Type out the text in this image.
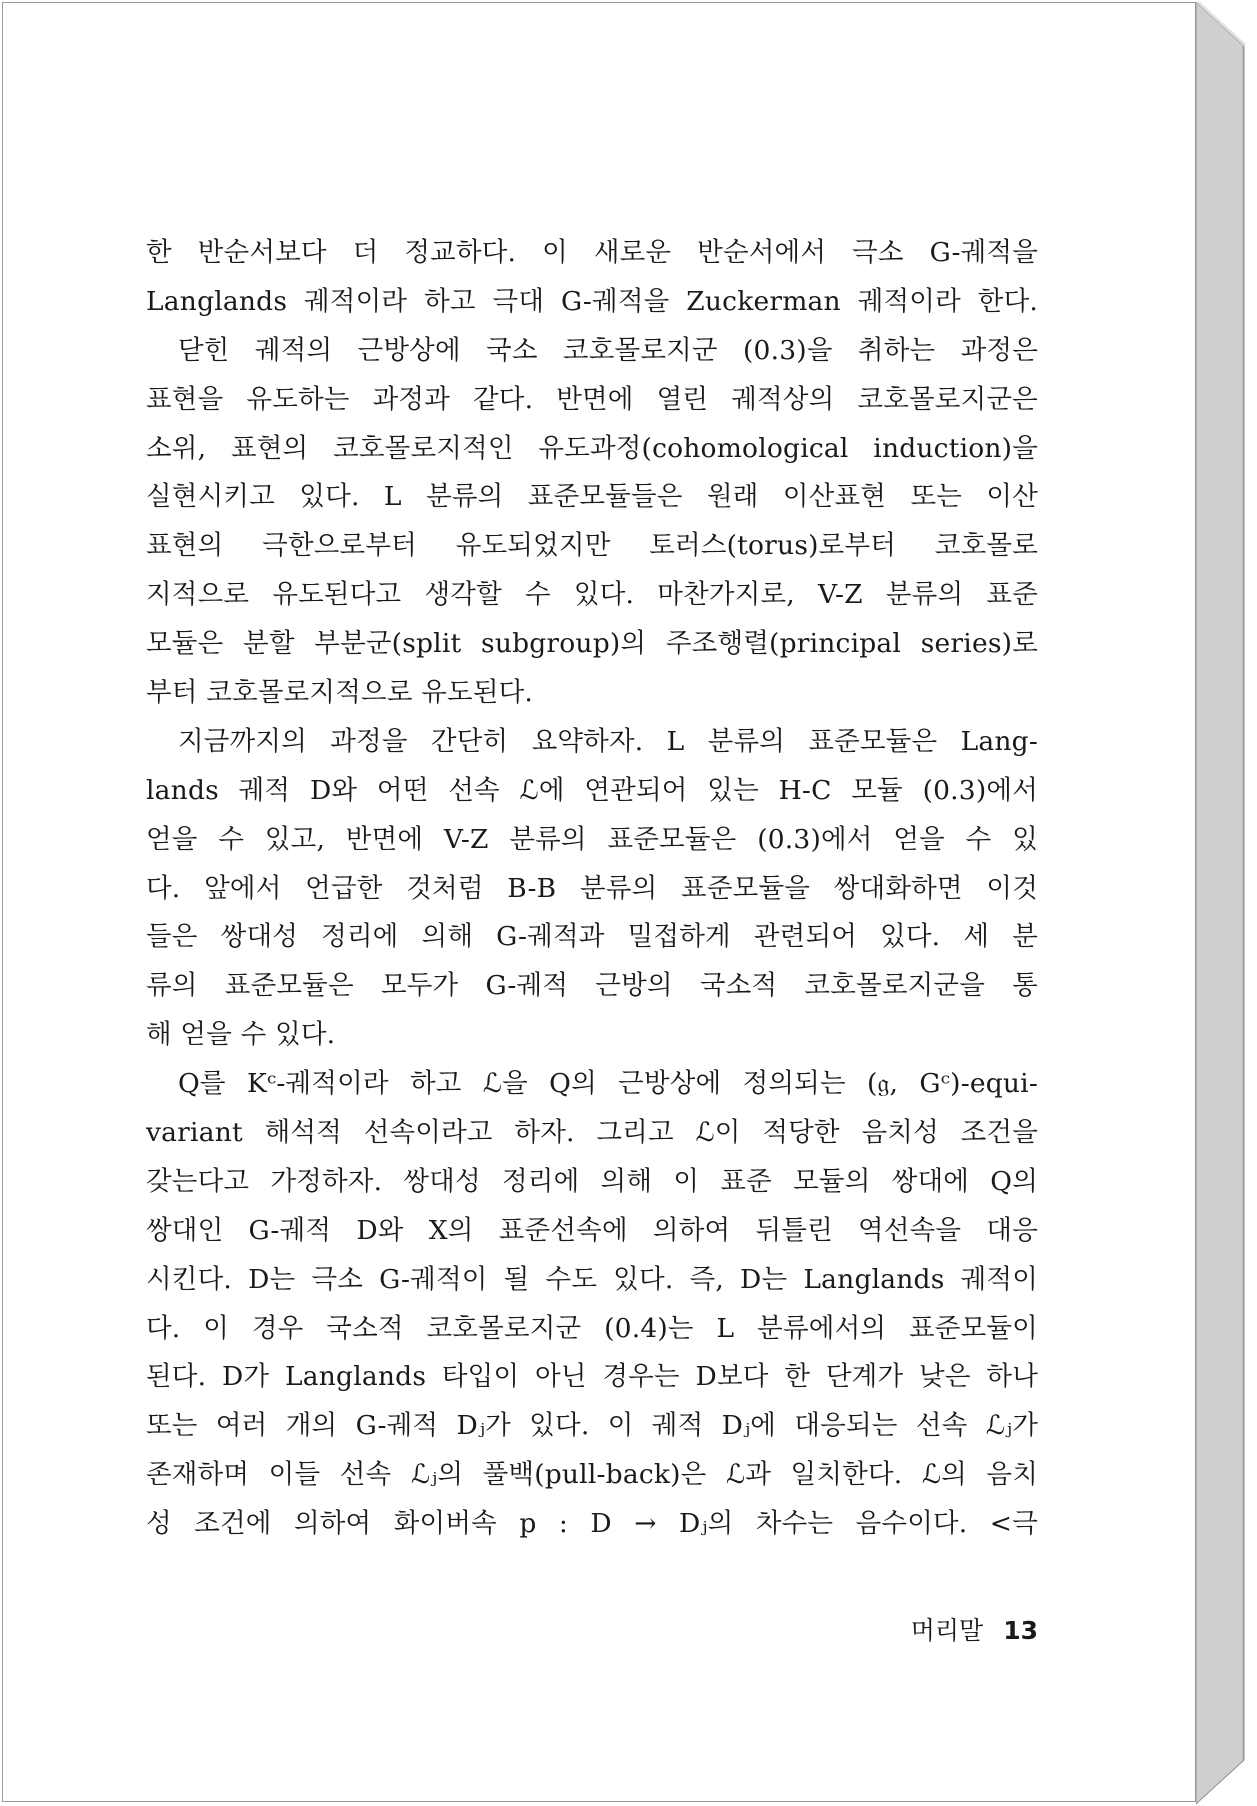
한 반순서보다 더 정교하다. 이 새로운 반순서에서 극소 G-궤적을
Langlands 궤적이라 하고 극대 G-궤적을 Zuckerman 궤적이라 한다.
닫힌 궤적의 근방상에 국소 코호몰로지군 (0.3)을 취하는 과정은
표현을 유도하는 과정과 같다. 반면에 열린 궤적상의 코호몰로지군은
소위, 표현의 코호몰로지적인 유도과정(cohomological induction)을
실현시키고 있다. L 분류의 표준모듈들은 원래 이산표현 또는 이산
표현의 극한으로부터 유도되었지만 토러스(torus)로부터 코호몰로
지적으로 유도된다고 생각할 수 있다. 마찬가지로, V-Z 분류의 표준
모듈은 분할 부분군(split subgroup)의 주조행렬(principal series)로
부터 코호몰로지적으로 유도된다.
지금까지의 과정을 간단히 요약하자. L 분류의 표준모듈은 Lang-
lands 궤적 D와 어떤 선속 ℒ에 연관되어 있는 H-C 모듈 (0.3)에서
얻을 수 있고, 반면에 V-Z 분류의 표준모듈은 (0.3)에서 얻을 수 있
다. 앞에서 언급한 것처럼 B-B 분류의 표준모듈을 쌍대화하면 이것
들은 쌍대성 정리에 의해 G-궤적과 밀접하게 관련되어 있다. 세 분
류의 표준모듈은 모두가 G-궤적 근방의 국소적 코호몰로지군을 통
해 얻을 수 있다.
Q를 Kᶜ-궤적이라 하고 ℒ을 Q의 근방상에 정의되는 (𝔤, Gᶜ)-equi-
variant 해석적 선속이라고 하자. 그리고 ℒ이 적당한 음치성 조건을
갖는다고 가정하자. 쌍대성 정리에 의해 이 표준 모듈의 쌍대에 Q의
쌍대인 G-궤적 D와 X의 표준선속에 의하여 뒤틀린 역선속을 대응
시킨다. D는 극소 G-궤적이 될 수도 있다. 즉, D는 Langlands 궤적이
다. 이 경우 국소적 코호몰로지군 (0.4)는 L 분류에서의 표준모듈이
된다. D가 Langlands 타입이 아닌 경우는 D보다 한 단계가 낮은 하나
또는 여러 개의 G-궤적 Dⱼ가 있다. 이 궤적 Dⱼ에 대응되는 선속 ℒⱼ가
존재하며 이들 선속 ℒⱼ의 풀백(pull-back)은 ℒ과 일치한다. ℒ의 음치
성 조건에 의하여 화이버속 p : D → Dⱼ의 차수는 음수이다. <극
머리말 13
